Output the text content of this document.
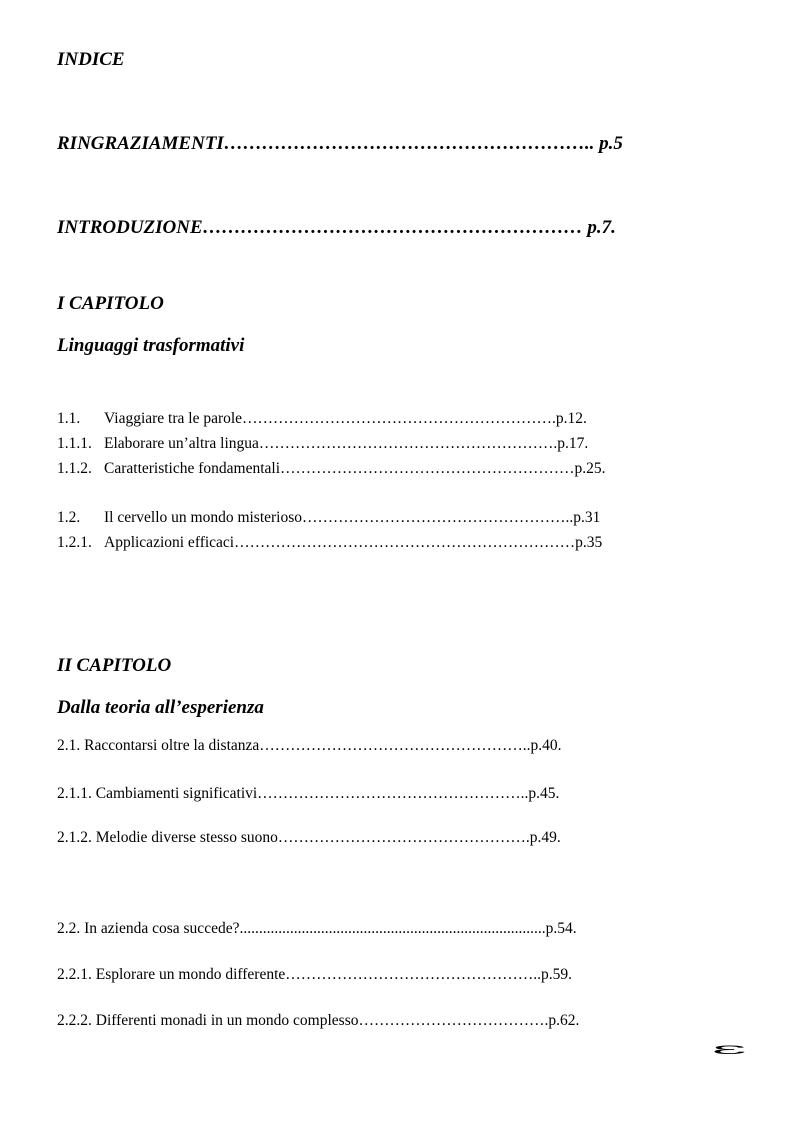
INDICE
RINGRAZIAMENTI………………………………………………….. p.5
INTRODUZIONE…………………………………………………… p.7.
I CAPITOLO
Linguaggi trasformativi
1.1. Viaggiare tra le parole…………………………………………………….p.12.
1.1.1. Elaborare un’altra lingua………………………………………………….p.17.
1.1.2. Caratteristiche fondamentali…………………………………………………p.25.
1.2. Il cervello un mondo misterioso……………………………………………..p.31
1.2.1. Applicazioni efficaci…………………………………………………………p.35
II CAPITOLO
Dalla teoria all’esperienza
2.1. Raccontarsi oltre la distanza……………………………………………..p.40.
2.1.1. Cambiamenti significativi……………………………………………..p.45.
2.1.2. Melodie diverse stesso suono………………………………………….p.49.
2.2. In azienda cosa succede?...............................................................................p.54.
2.2.1. Esplorare un mondo differente…………………………………………..p.59.
2.2.2. Differenti monadi in un mondo complesso……………………………….p.62.
3
